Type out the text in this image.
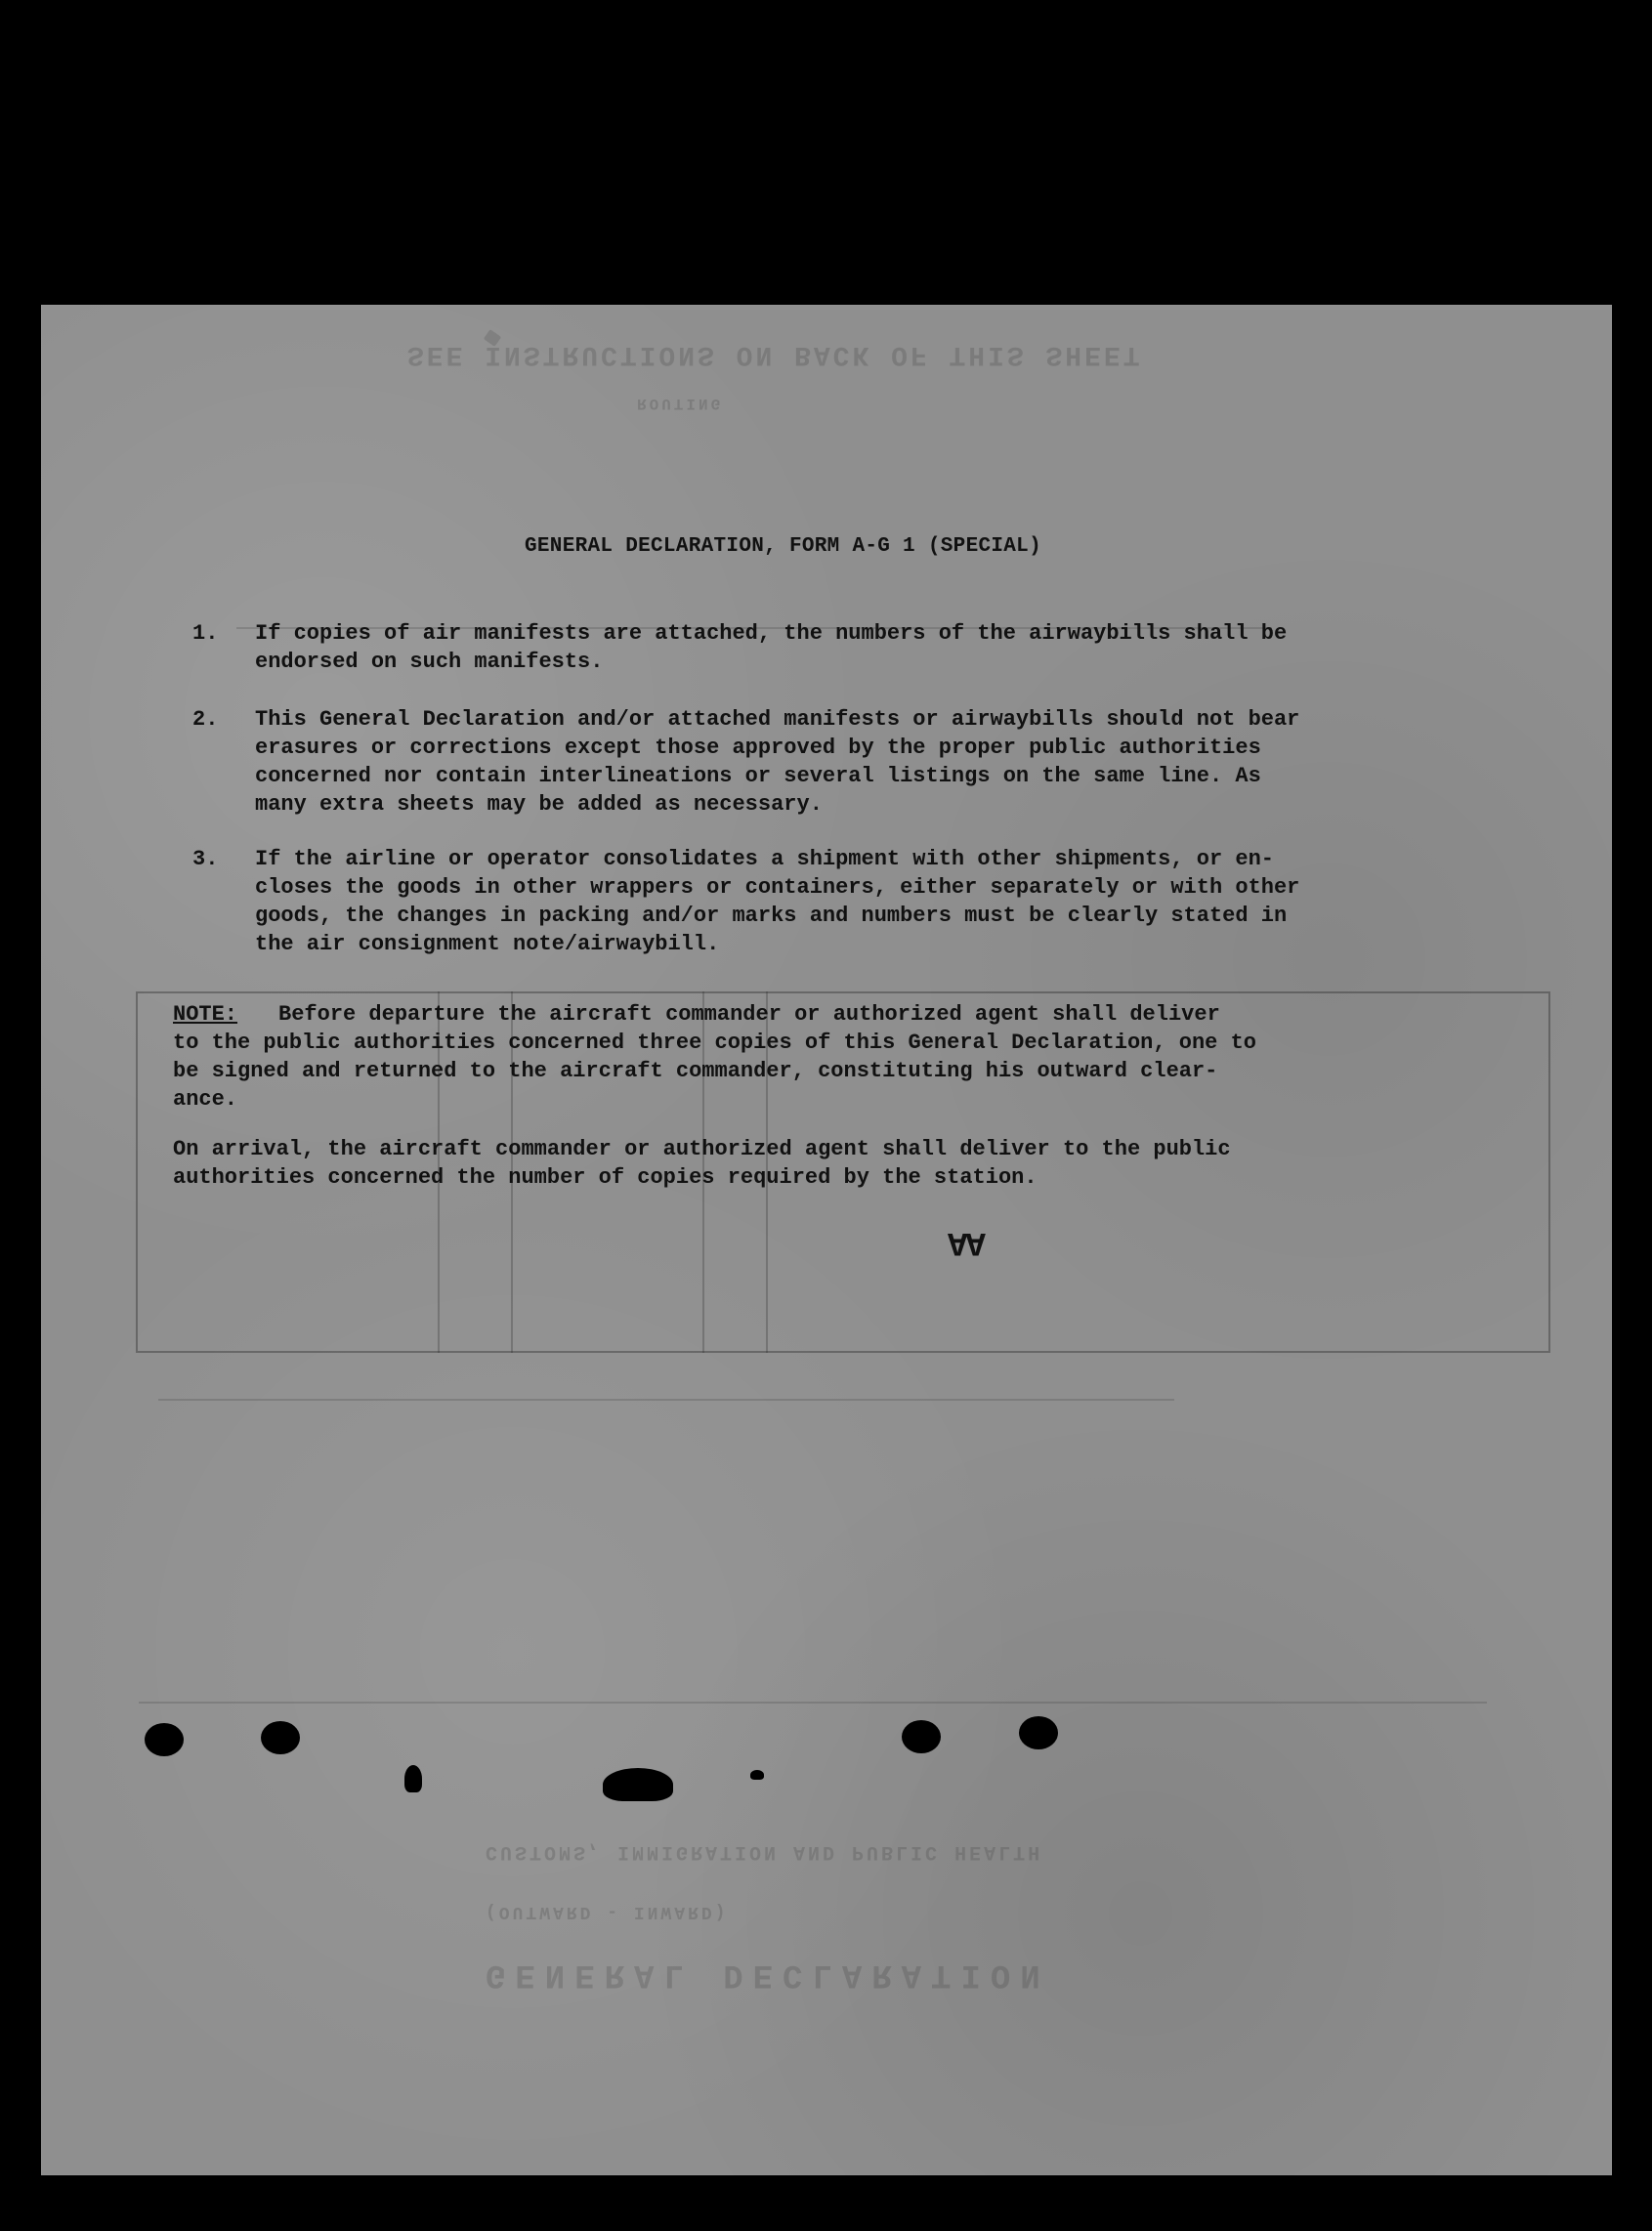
SEE INSTRUCTIONS ON BACK OF THIS SHEET
ROUTING
GENERAL DECLARATION, FORM A-G 1 (SPECIAL)
1.	If copies of air manifests are attached, the numbers of the airwaybills shall be
endorsed on such manifests.
2.	This General Declaration and/or attached manifests or airwaybills should not bear
erasures or corrections except those approved by the proper public authorities
concerned nor contain interlineations or several listings on the same line. As
many extra sheets may be added as necessary.
3.	If the airline or operator consolidates a shipment with other shipments, or en-
closes the goods in other wrappers or containers, either separately or with other
goods, the changes in packing and/or marks and numbers must be clearly stated in
the air consignment note/airwaybill.

NOTE: Before departure the aircraft commander or authorized agent shall deliver
to the public authorities concerned three copies of this General Declaration, one to
be signed and returned to the aircraft commander, constituting his outward clear-
ance.

On arrival, the aircraft commander or authorized agent shall deliver to the public
authorities concerned the number of copies required by the station.

AA
CUSTOMS, IMMIGRATION AND PUBLIC HEALTH
(OUTWARD - INWARD)
GENERAL DECLARATION
